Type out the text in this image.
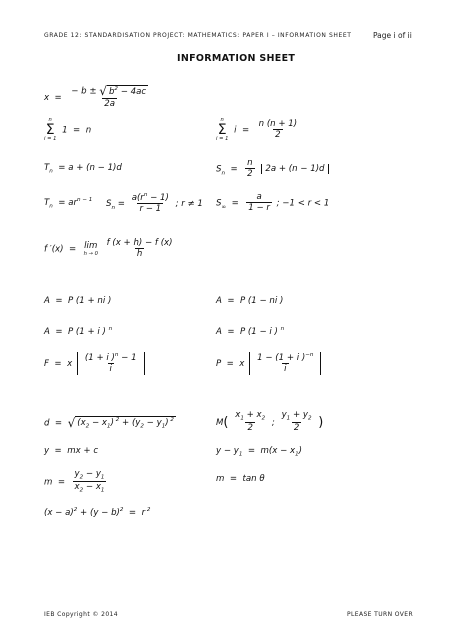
GRADE 12: STANDARDISATION PROJECT: MATHEMATICS: PAPER I – INFORMATION SHEET	Page i of ii
INFORMATION SHEET
$x = \frac{- b \pm √ b^2 - 4ac}{2a}$
n
Σ
i = 1
1  =  n
n
Σ
i = 1
$i = \frac{n (n + 1)}{2}$
$T_n = a + (n - 1)d$	$S_n = \frac{n}{2} 2a + (n - 1)d$
$T_n = ar^{n - 1}$ $S_n = \frac{a(r^n - 1)}{r - 1}$ ; r ≠ 1 $S_\infty = \frac{a}{1 - r}$ ; −1 < r < 1
f ′(x)  = lim
h → 0
$\frac{f (x + h) - f (x)}{h}$
A  =  P (1 + ni )	A  =  P (1 − ni )
A  =  P (1 + i ) $^n$	A  =  P (1 − i ) $^n$
F  =  x $\frac{(1 + i )^n - 1}{i}$	P  =  x $\frac{1 - (1 + i )^{-n}}{i}$
d  = √ $(x_2 - x_1) ^2 + (y_2 - y_1)$ $^2$	$M( \frac{x_1 + x_2}{2}$ ; $\frac{y_1 + y_2}{2}$ )
y  =  mx + c	$y - y_1 = m(x - x_1)$
$m = \frac{y_2 - y_1}{x_2 - x_1}$	m  =  tan θ
$(x - a)^2 + (y - b)^2 = r$ $^2$
IEB Copyright © 2014	PLEASE TURN OVER
